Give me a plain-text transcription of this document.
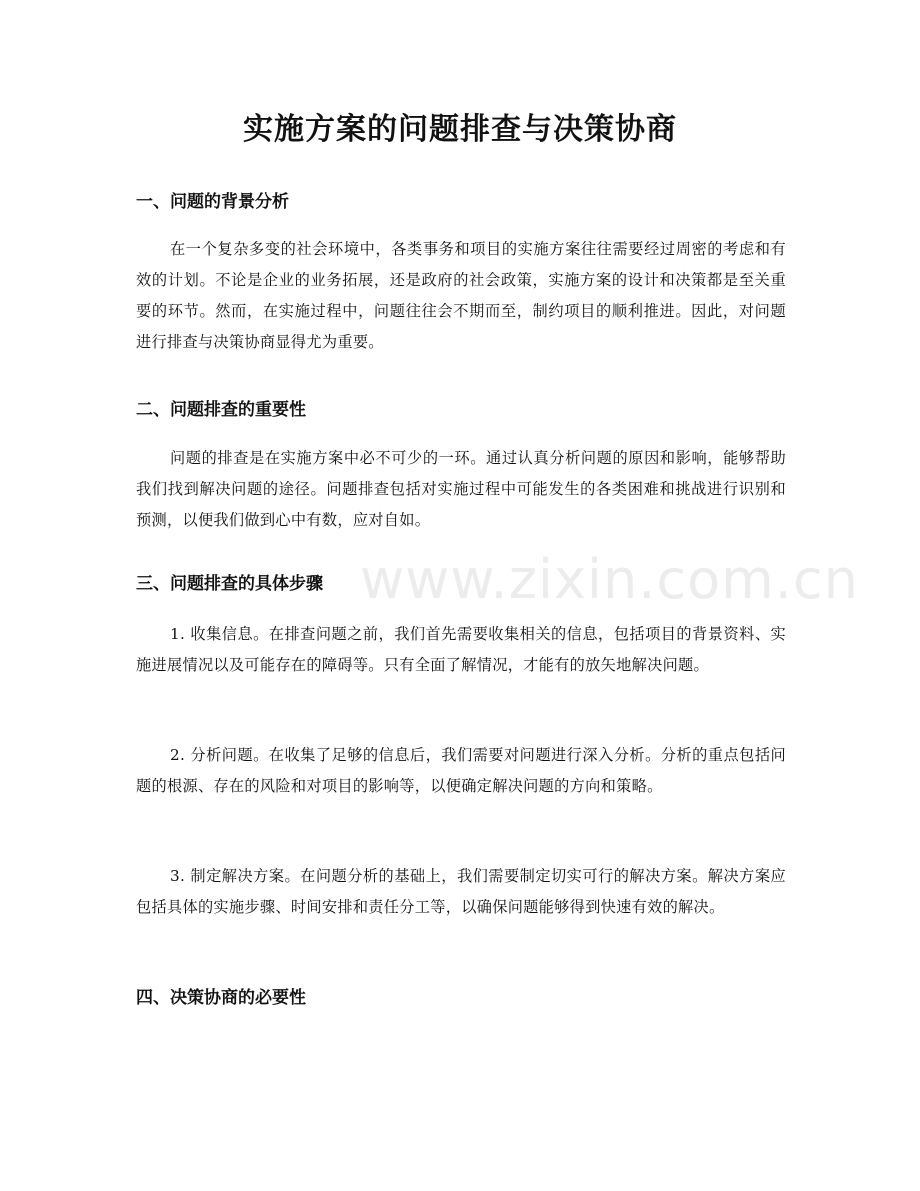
www.zixin.com.cn
实施方案的问题排查与决策协商
一、问题的背景分析

在一个复杂多变的社会环境中，各类事务和项目的实施方案往往需要经过周密的考虑和有效的计划。不论是企业的业务拓展，还是政府的社会政策，实施方案的设计和决策都是至关重要的环节。然而，在实施过程中，问题往往会不期而至，制约项目的顺利推进。因此，对问题进行排查与决策协商显得尤为重要。

二、问题排查的重要性

问题的排查是在实施方案中必不可少的一环。通过认真分析问题的原因和影响，能够帮助我们找到解决问题的途径。问题排查包括对实施过程中可能发生的各类困难和挑战进行识别和预测，以便我们做到心中有数，应对自如。

三、问题排查的具体步骤

1. 收集信息。在排查问题之前，我们首先需要收集相关的信息，包括项目的背景资料、实施进展情况以及可能存在的障碍等。只有全面了解情况，才能有的放矢地解决问题。

2. 分析问题。在收集了足够的信息后，我们需要对问题进行深入分析。分析的重点包括问题的根源、存在的风险和对项目的影响等，以便确定解决问题的方向和策略。

3. 制定解决方案。在问题分析的基础上，我们需要制定切实可行的解决方案。解决方案应包括具体的实施步骤、时间安排和责任分工等，以确保问题能够得到快速有效的解决。

四、决策协商的必要性
